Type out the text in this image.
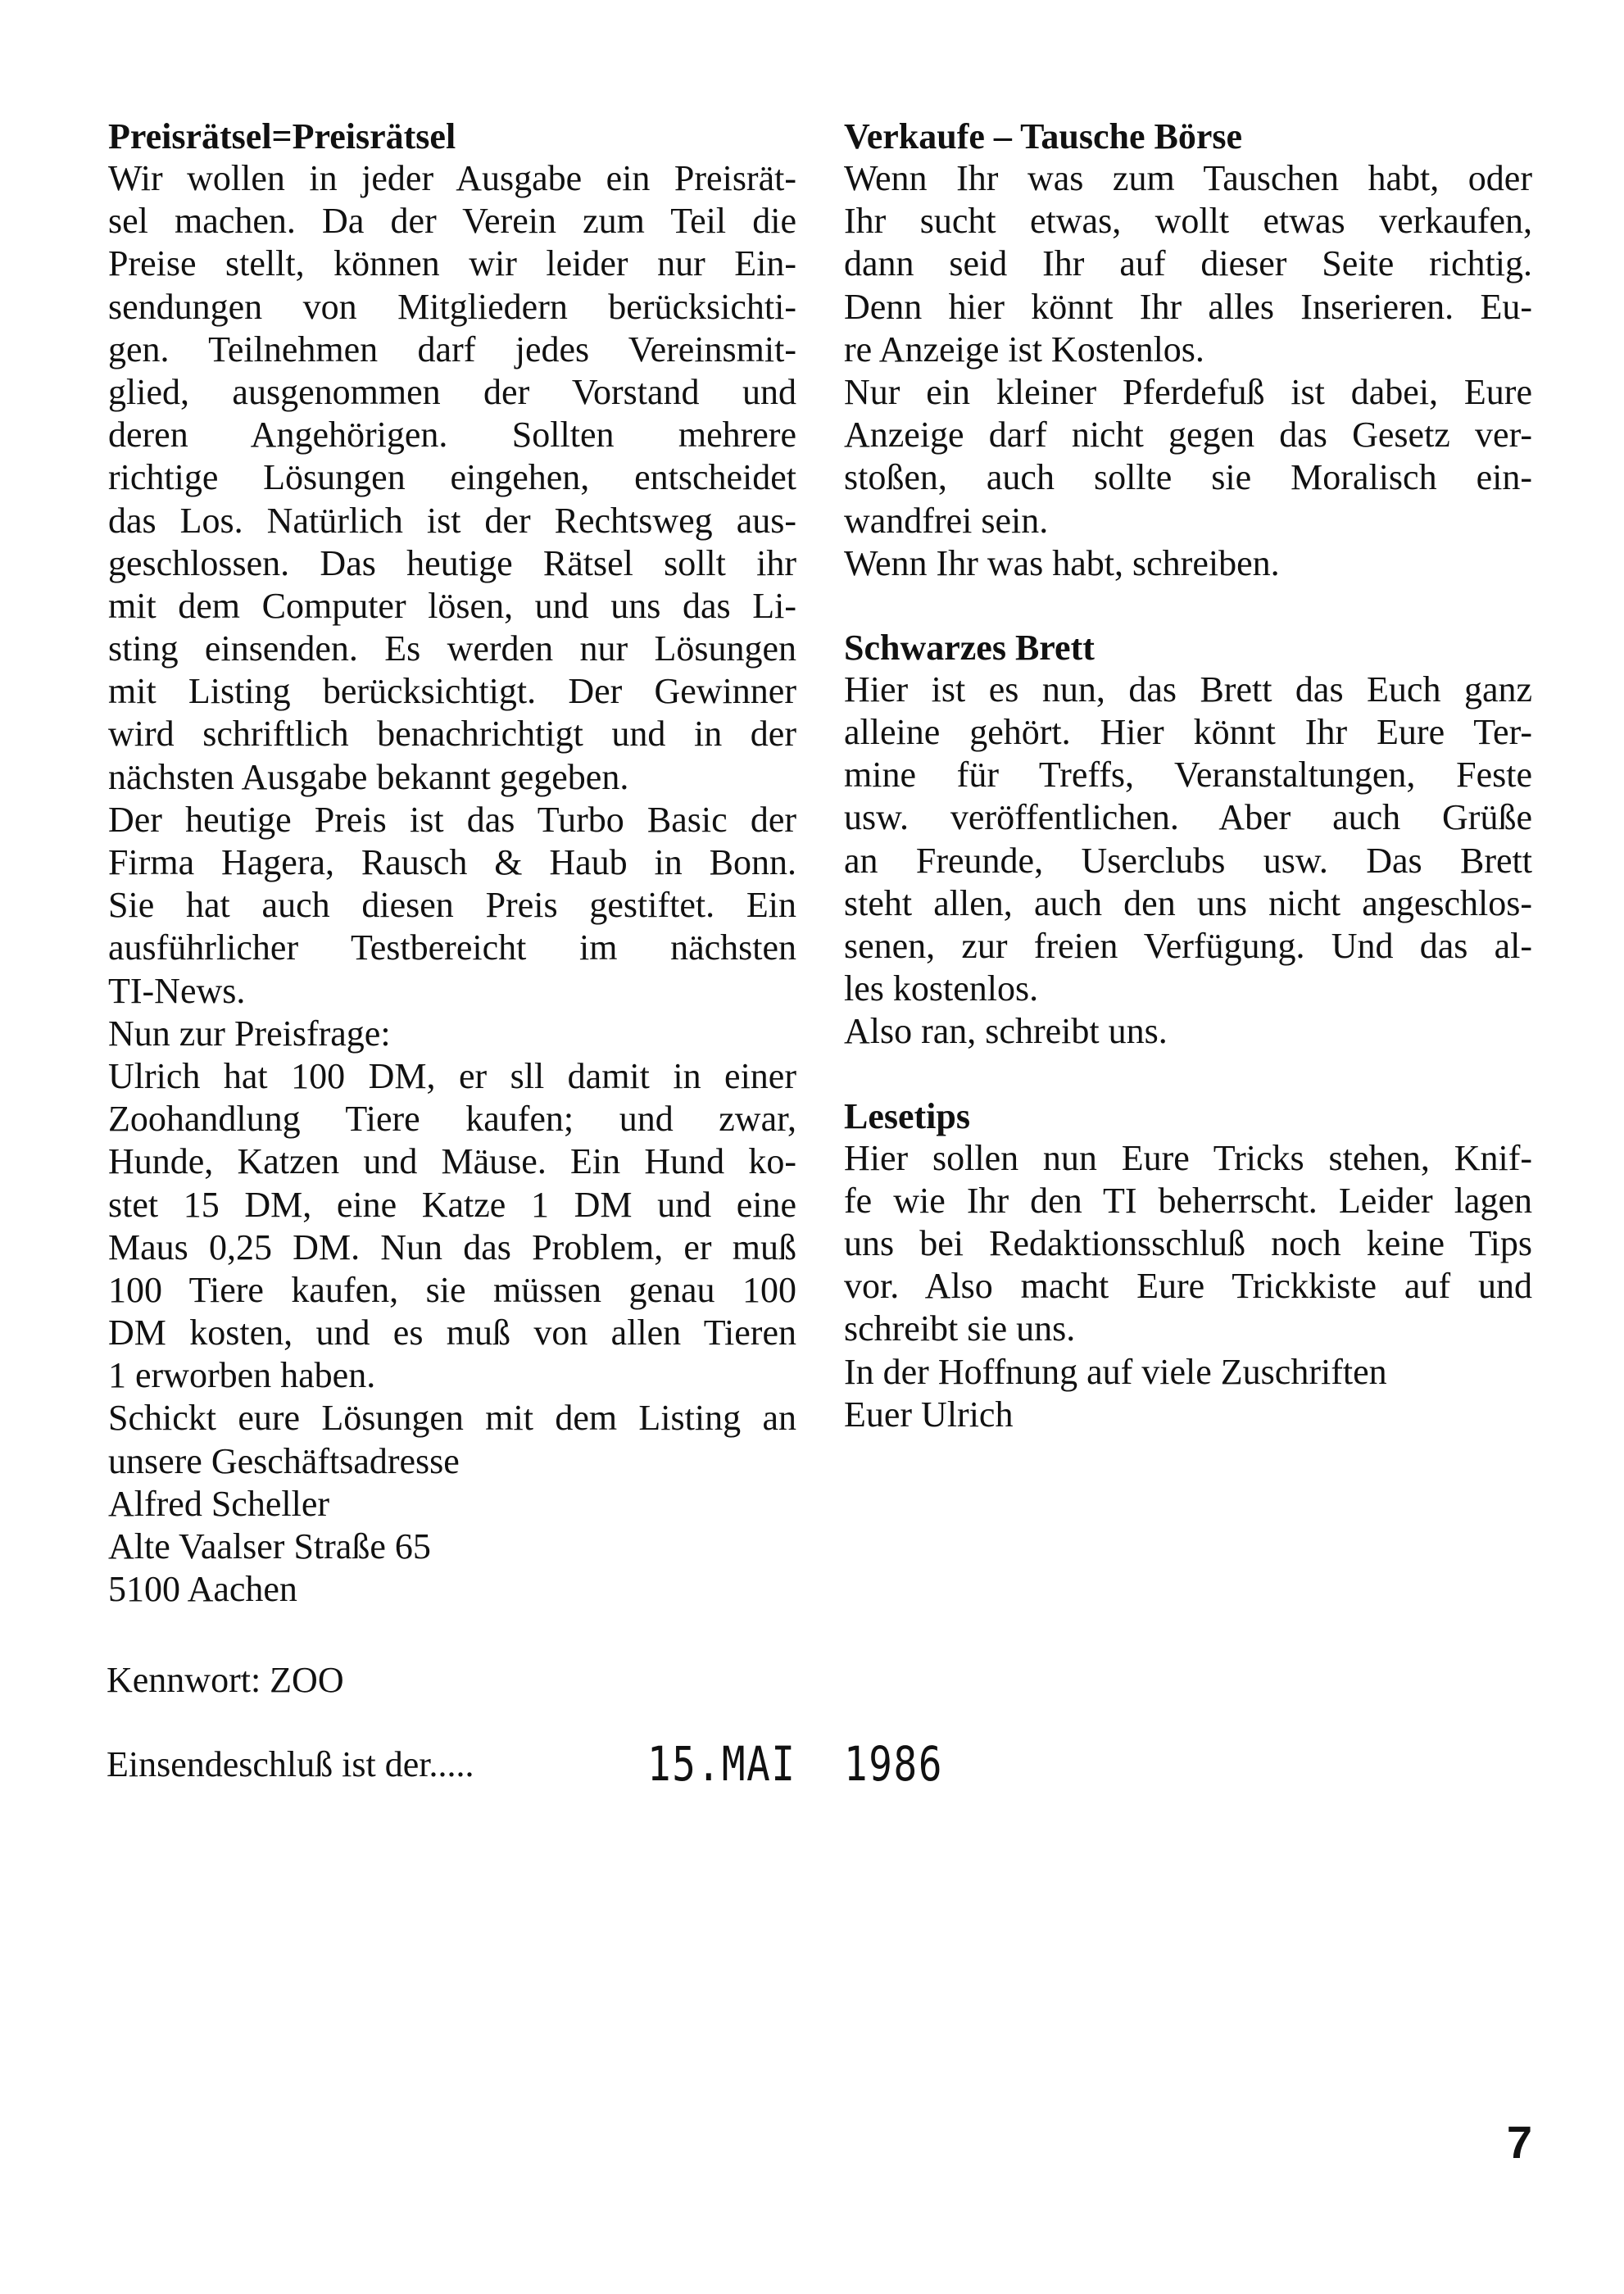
Preisrätsel=Preisrätsel
Wir wollen in jeder Ausgabe ein Preisrät-
sel machen. Da der Verein zum Teil die
Preise stellt, können wir leider nur Ein-
sendungen von Mitgliedern berücksichti-
gen. Teilnehmen darf jedes Vereinsmit-
glied, ausgenommen der Vorstand und
deren Angehörigen. Sollten mehrere
richtige Lösungen eingehen, entscheidet
das Los. Natürlich ist der Rechtsweg aus-
geschlossen. Das heutige Rätsel sollt ihr
mit dem Computer lösen, und uns das Li-
sting einsenden. Es werden nur Lösungen
mit Listing berücksichtigt. Der Gewinner
wird schriftlich benachrichtigt und in der
nächsten Ausgabe bekannt gegeben.
Der heutige Preis ist das Turbo Basic der
Firma Hagera, Rausch & Haub in Bonn.
Sie hat auch diesen Preis gestiftet. Ein
ausführlicher Testbereicht im nächsten
TI-News.
Nun zur Preisfrage:
Ulrich hat 100 DM, er sll damit in einer
Zoohandlung Tiere kaufen; und zwar,
Hunde, Katzen und Mäuse. Ein Hund ko-
stet 15 DM, eine Katze 1 DM und eine
Maus 0,25 DM. Nun das Problem, er muß
100 Tiere kaufen, sie müssen genau 100
DM kosten, und es muß von allen Tieren
1 erworben haben.
Schickt eure Lösungen mit dem Listing an
unsere Geschäftsadresse
Alfred Scheller
Alte Vaalser Straße 65
5100 Aachen
Verkaufe – Tausche Börse
Wenn Ihr was zum Tauschen habt, oder
Ihr sucht etwas, wollt etwas verkaufen,
dann seid Ihr auf dieser Seite richtig.
Denn hier könnt Ihr alles Inserieren. Eu-
re Anzeige ist Kostenlos.
Nur ein kleiner Pferdefuß ist dabei, Eure
Anzeige darf nicht gegen das Gesetz ver-
stoßen, auch sollte sie Moralisch ein-
wandfrei sein.
Wenn Ihr was habt, schreiben.
Schwarzes Brett
Hier ist es nun, das Brett das Euch ganz
alleine gehört. Hier könnt Ihr Eure Ter-
mine für Treffs, Veranstaltungen, Feste
usw. veröffentlichen. Aber auch Grüße
an Freunde, Userclubs usw. Das Brett
steht allen, auch den uns nicht angeschlos-
senen, zur freien Verfügung. Und das al-
les kostenlos.
Also ran, schreibt uns.
Lesetips
Hier sollen nun Eure Tricks stehen, Knif-
fe wie Ihr den TI beherrscht. Leider lagen
uns bei Redaktionsschluß noch keine Tips
vor. Also macht Eure Trickkiste auf und
schreibt sie uns.
In der Hoffnung auf viele Zuschriften
Euer Ulrich
Kennwort: ZOO
Einsendeschluß ist der.....	15.MAI 1986
7
